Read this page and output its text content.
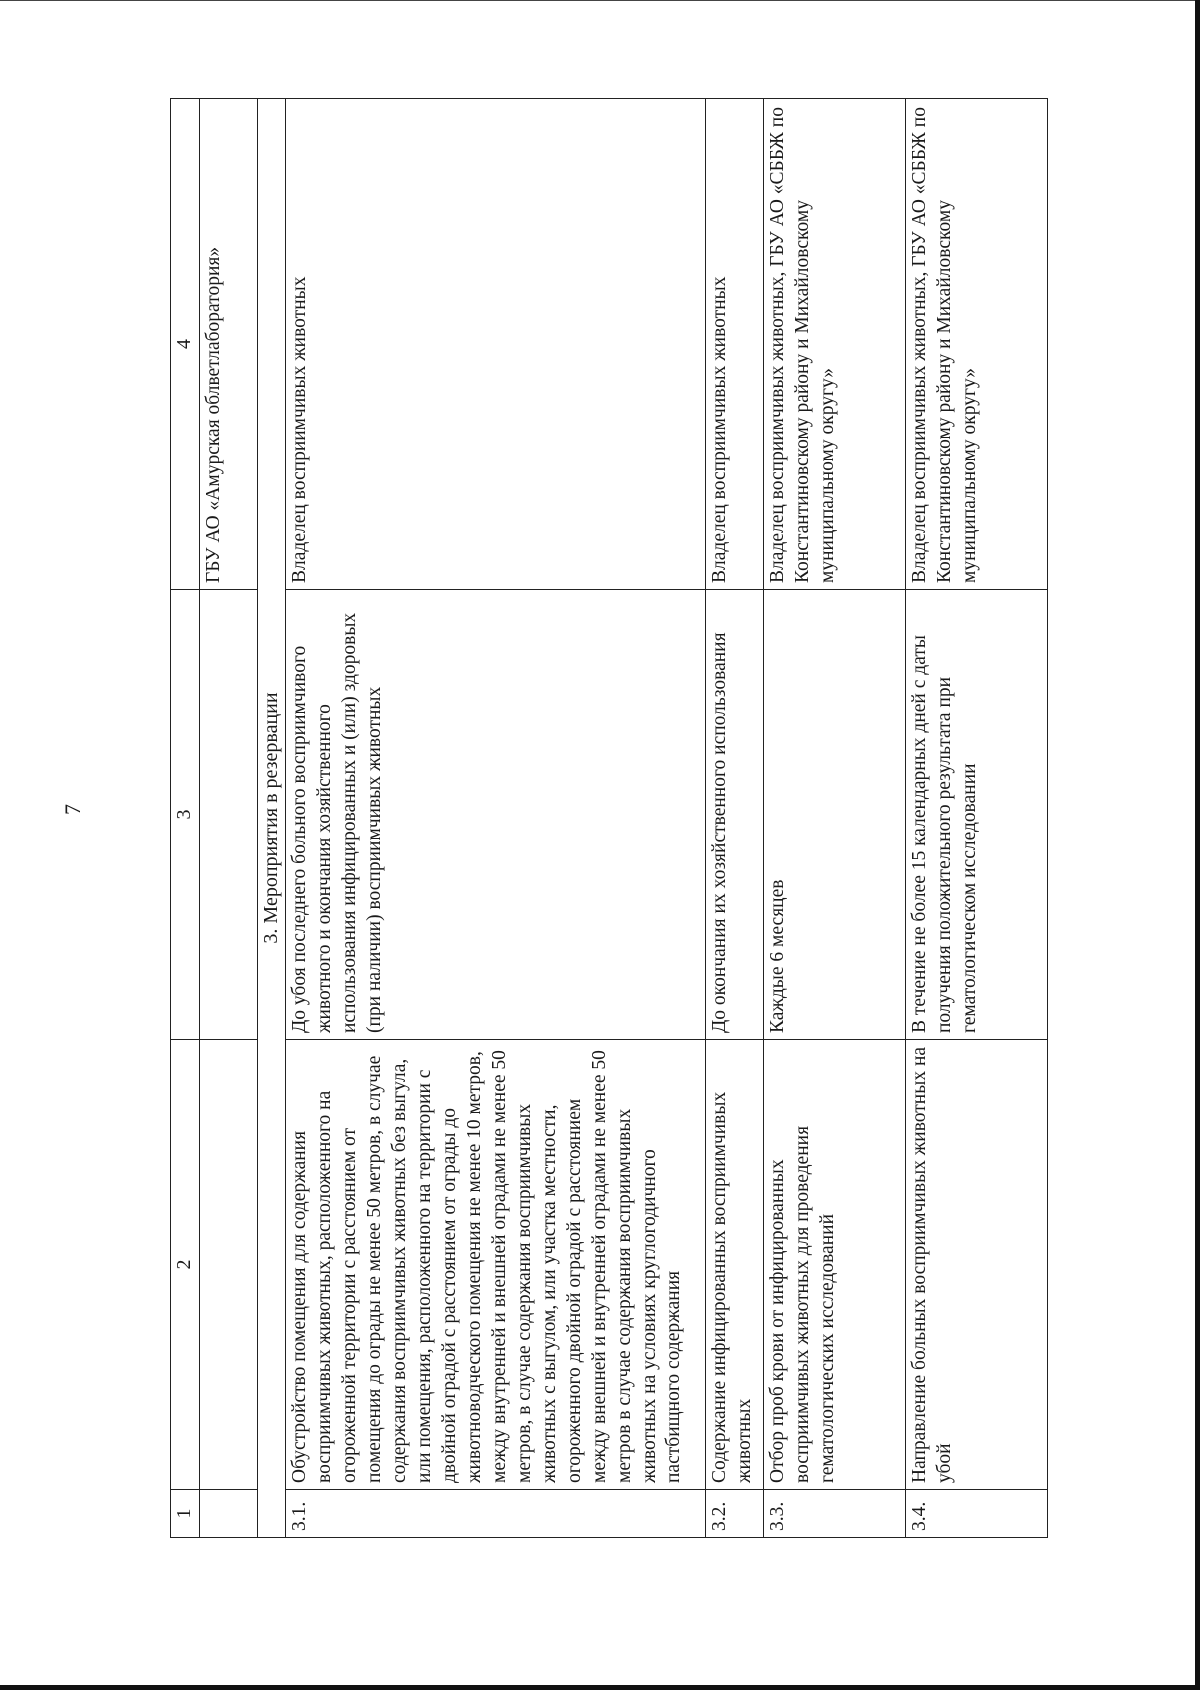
7
1	2	3	4
			ГБУ АО «Амурская облветлаборатория»
3. Мероприятия в резервации			
3.1.	Обустройство помещения для содержания восприимчивых животных, расположенного на огороженной территории с расстоянием от помещения до ограды не менее 50 метров, в случае содержания восприимчивых животных без выгула, или помещения, расположенного на территории с двойной оградой с расстоянием от ограды до животноводческого помещения не менее 10 метров, между внутренней и внешней оградами не менее 50 метров, в случае содержания восприимчивых животных с выгулом, или участка местности, огороженного двойной оградой с расстоянием между внешней и внутренней оградами не менее 50 метров в случае содержания восприимчивых животных на условиях круглогодичного пастбищного содержания	До убоя последнего больного восприимчивого животного и окончания хозяйственного использования инфицированных и (или) здоровых (при наличии) восприимчивых животных	Владелец восприимчивых животных
3.2.	Содержание инфицированных восприимчивых животных	До окончания их хозяйственного использования	Владелец восприимчивых животных
3.3.	Отбор проб крови от инфицированных восприимчивых животных для проведения гематологических исследований	Каждые 6 месяцев	Владелец восприимчивых животных, ГБУ АО «СББЖ по Константиновскому району и Михайловскому муниципальному округу»
3.4.	Направление больных восприимчивых животных на убой	В течение не более 15 календарных дней с даты получения положительного результата при гематологическом исследовании	Владелец восприимчивых животных, ГБУ АО «СББЖ по Константиновскому району и Михайловскому муниципальному округу»
